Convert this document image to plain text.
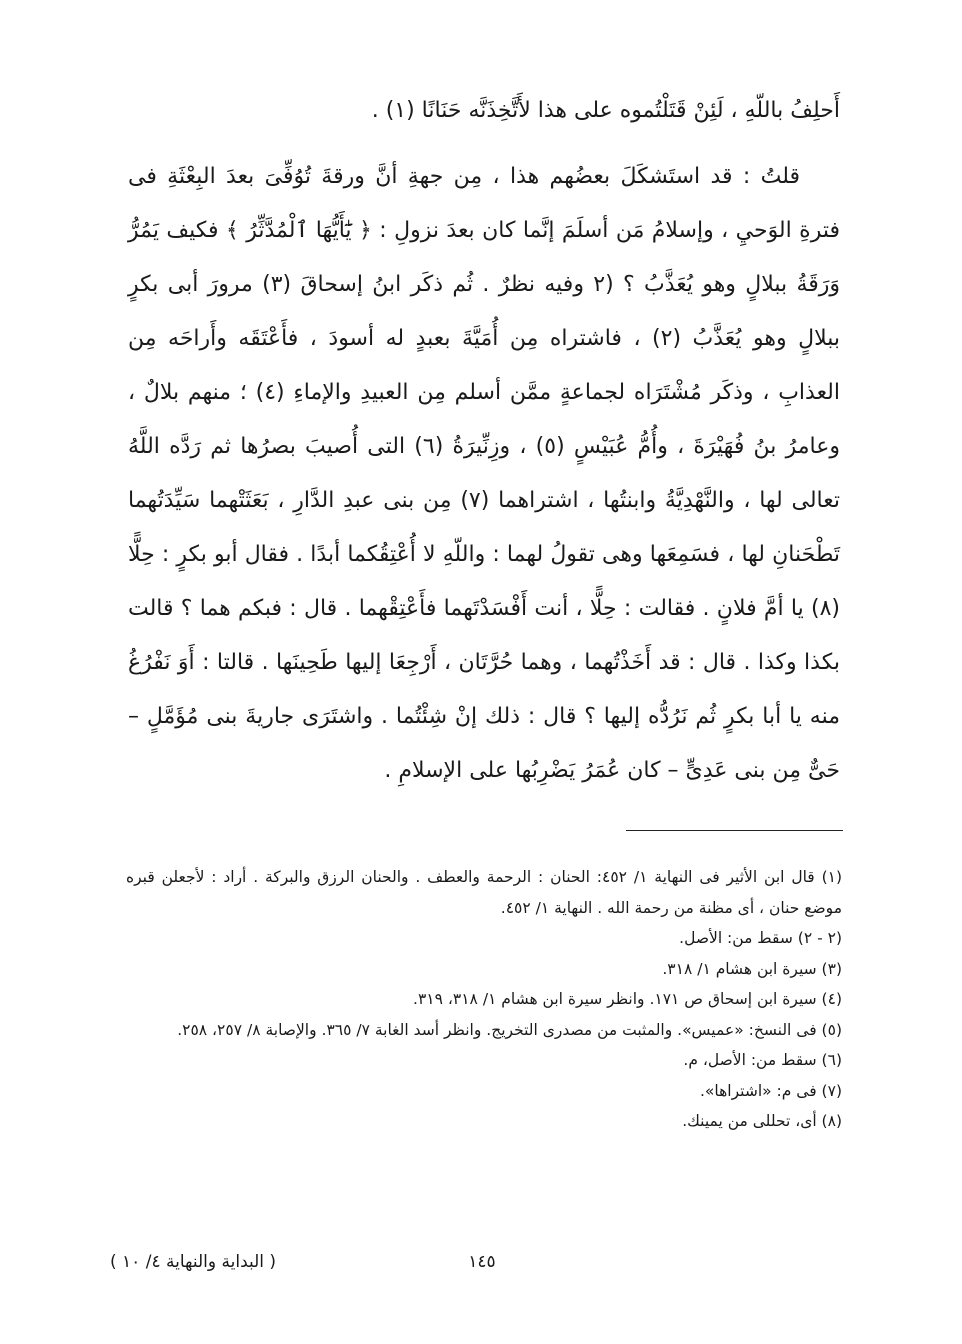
أَحلِفُ باللّهِ ، لَئِنْ قَتَلْتُموه على هذا لأَتَّخِذَنَّه حَنَانًا (١) .

قلتُ : قد استَشكَلَ بعضُهم هذا ، مِن جهةِ أنَّ ورقةَ تُوُفِّىَ بعدَ البِعْثَةِ فى فترةِ الوَحيِ ، وإسلامُ مَن أسلَمَ إنَّما كان بعدَ نزولِ : ﴿ يَٰٓأَيُّهَا ٱلْمُدَّثِّرُ ﴾ فكيف يَمُرُّ وَرَقَةُ ببلالٍ وهو يُعَذَّبُ ؟ (٢ وفيه نظرٌ . ثُم ذكَر ابنُ إسحاقَ (٣) مرورَ أبى بكرٍ ببلالٍ وهو يُعَذَّبُ (٢) ، فاشتراه مِن أُمَيَّةَ بعبدٍ له أسودَ ، فأَعْتَقَه وأَراحَه مِن العذابِ ، وذكَر مُشْتَرَاه لجماعةٍ ممَّن أسلم مِن العبيدِ والإماءِ (٤) ؛ منهم بلالٌ ، وعامرُ بنُ فُهَيْرَةَ ، وأُمُّ عُبَيْسٍ (٥) ، وزِنِّيرَةُ (٦) التى أُصيبَ بصرُها ثم رَدَّه اللَّهُ تعالى لها ، والنَّهْدِيَّةُ وابنتُها ، اشتراهما (٧) مِن بنى عبدِ الدَّارِ ، بَعَثَتْهما سَيِّدَتُهما تَطْحَنانِ لها ، فسَمِعَها وهى تقولُ لهما : واللّهِ لا أُعْتِقُكما أبدًا . فقال أبو بكرٍ : حِلًّا (٨) يا أمَّ فلانٍ . فقالت : حِلًّا ، أنت أَفْسَدْتَهما فأَعْتِقْهما . قال : فبكم هما ؟ قالت بكذا وكذا . قال : قد أَخَذْتُهما ، وهما حُرَّتَان ، أَرْجِعَا إليها طَحِينَها . قالتا : أَوَ نَفْرُغُ منه يا أبا بكرٍ ثُم نَرُدُّه إليها ؟ قال : ذلك إنْ شِئْتُما . واشتَرَى جاريةَ بنى مُؤَمَّلٍ – حَىٌّ مِن بنى عَدِىٍّ – كان عُمَرُ يَضْرِبُها على الإسلامِ .

(١) قال ابن الأثير فى النهاية ١/ ٤٥٢: الحنان : الرحمة والعطف . والحنان الرزق والبركة . أراد : لأجعلن قبره موضع حنان ، أى مظنة من رحمة الله . النهاية ١/ ٤٥٢.

(٢ - ٢) سقط من: الأصل.

(٣) سيرة ابن هشام ١/ ٣١٨.

(٤) سيرة ابن إسحاق ص ١٧١. وانظر سيرة ابن هشام ١/ ٣١٨، ٣١٩.

(٥) فى النسخ: «عميس». والمثبت من مصدرى التخريج. وانظر أسد الغابة ٧/ ٣٦٥. والإصابة ٨/ ٢٥٧، ٢٥٨.

(٦) سقط من: الأصل، م.

(٧) فى م: «اشتراها».

(٨) أى، تحللى من يمينك.

١٤٥
( البداية والنهاية ٤/ ١٠ )
